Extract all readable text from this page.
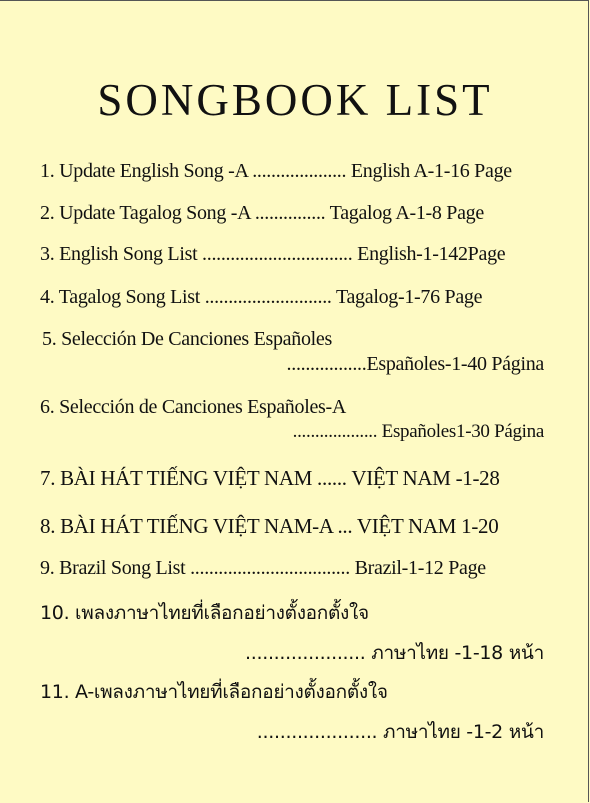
SONGBOOK LIST
1. Update English Song -A .................... English A-1-16 Page
2. Update Tagalog Song -A ............... Tagalog A-1-8 Page
3. English Song List ................................ English-1-142Page
4. Tagalog Song List ........................... Tagalog-1-76 Page
5. Selección De Canciones Españoles
.................Españoles-1-40 Página
6. Selección de Canciones Españoles-A
................... Españoles1-30 Página
7. BÀI HÁT TIẾNG VIỆT NAM ...... VIỆT NAM -1-28
8. BÀI HÁT TIẾNG VIỆT NAM-A ... VIỆT NAM 1-20
9. Brazil Song List .................................. Brazil-1-12 Page
10. เพลงภาษาไทยที่เลือกอย่างตั้งอกตั้งใจ
..................... ภาษาไทย -1-18 หน้า
11. A-เพลงภาษาไทยที่เลือกอย่างตั้งอกตั้งใจ
..................... ภาษาไทย -1-2 หน้า
